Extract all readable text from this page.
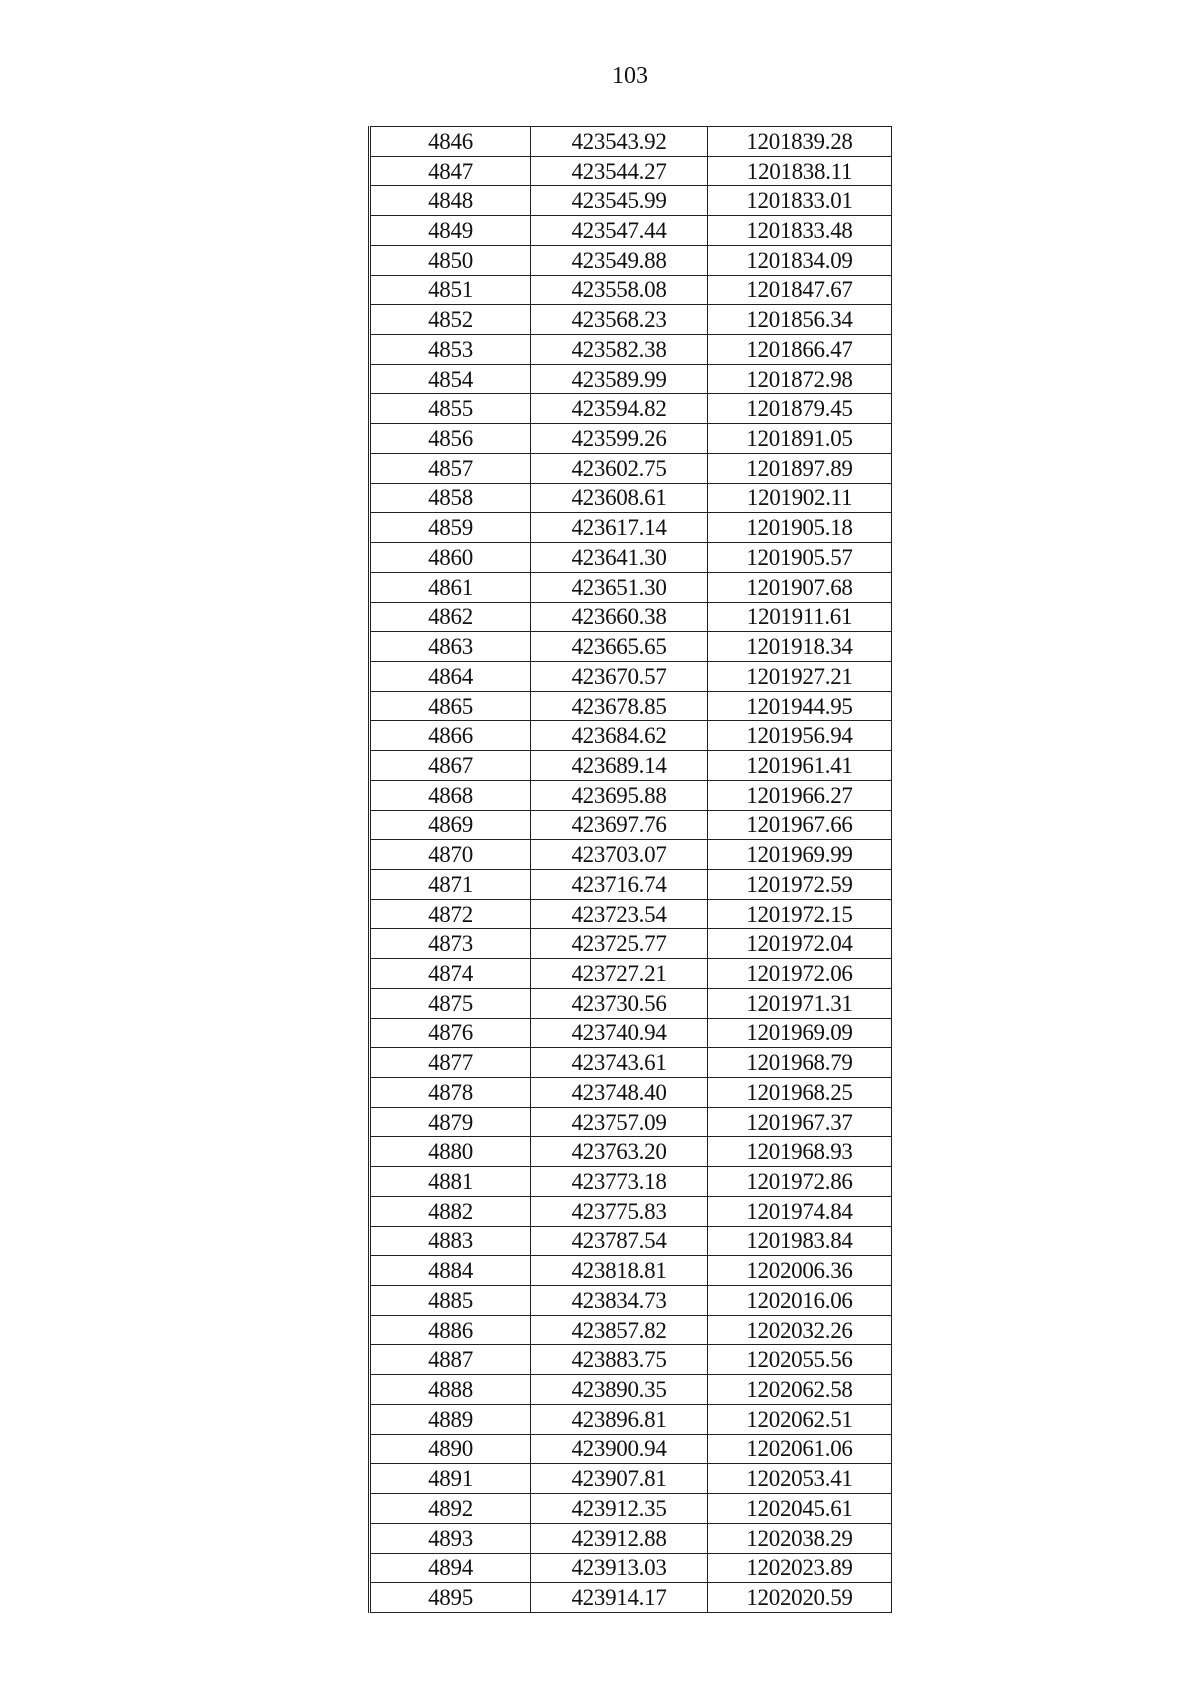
103
4846	423543.92	1201839.28
4847	423544.27	1201838.11
4848	423545.99	1201833.01
4849	423547.44	1201833.48
4850	423549.88	1201834.09
4851	423558.08	1201847.67
4852	423568.23	1201856.34
4853	423582.38	1201866.47
4854	423589.99	1201872.98
4855	423594.82	1201879.45
4856	423599.26	1201891.05
4857	423602.75	1201897.89
4858	423608.61	1201902.11
4859	423617.14	1201905.18
4860	423641.30	1201905.57
4861	423651.30	1201907.68
4862	423660.38	1201911.61
4863	423665.65	1201918.34
4864	423670.57	1201927.21
4865	423678.85	1201944.95
4866	423684.62	1201956.94
4867	423689.14	1201961.41
4868	423695.88	1201966.27
4869	423697.76	1201967.66
4870	423703.07	1201969.99
4871	423716.74	1201972.59
4872	423723.54	1201972.15
4873	423725.77	1201972.04
4874	423727.21	1201972.06
4875	423730.56	1201971.31
4876	423740.94	1201969.09
4877	423743.61	1201968.79
4878	423748.40	1201968.25
4879	423757.09	1201967.37
4880	423763.20	1201968.93
4881	423773.18	1201972.86
4882	423775.83	1201974.84
4883	423787.54	1201983.84
4884	423818.81	1202006.36
4885	423834.73	1202016.06
4886	423857.82	1202032.26
4887	423883.75	1202055.56
4888	423890.35	1202062.58
4889	423896.81	1202062.51
4890	423900.94	1202061.06
4891	423907.81	1202053.41
4892	423912.35	1202045.61
4893	423912.88	1202038.29
4894	423913.03	1202023.89
4895	423914.17	1202020.59
